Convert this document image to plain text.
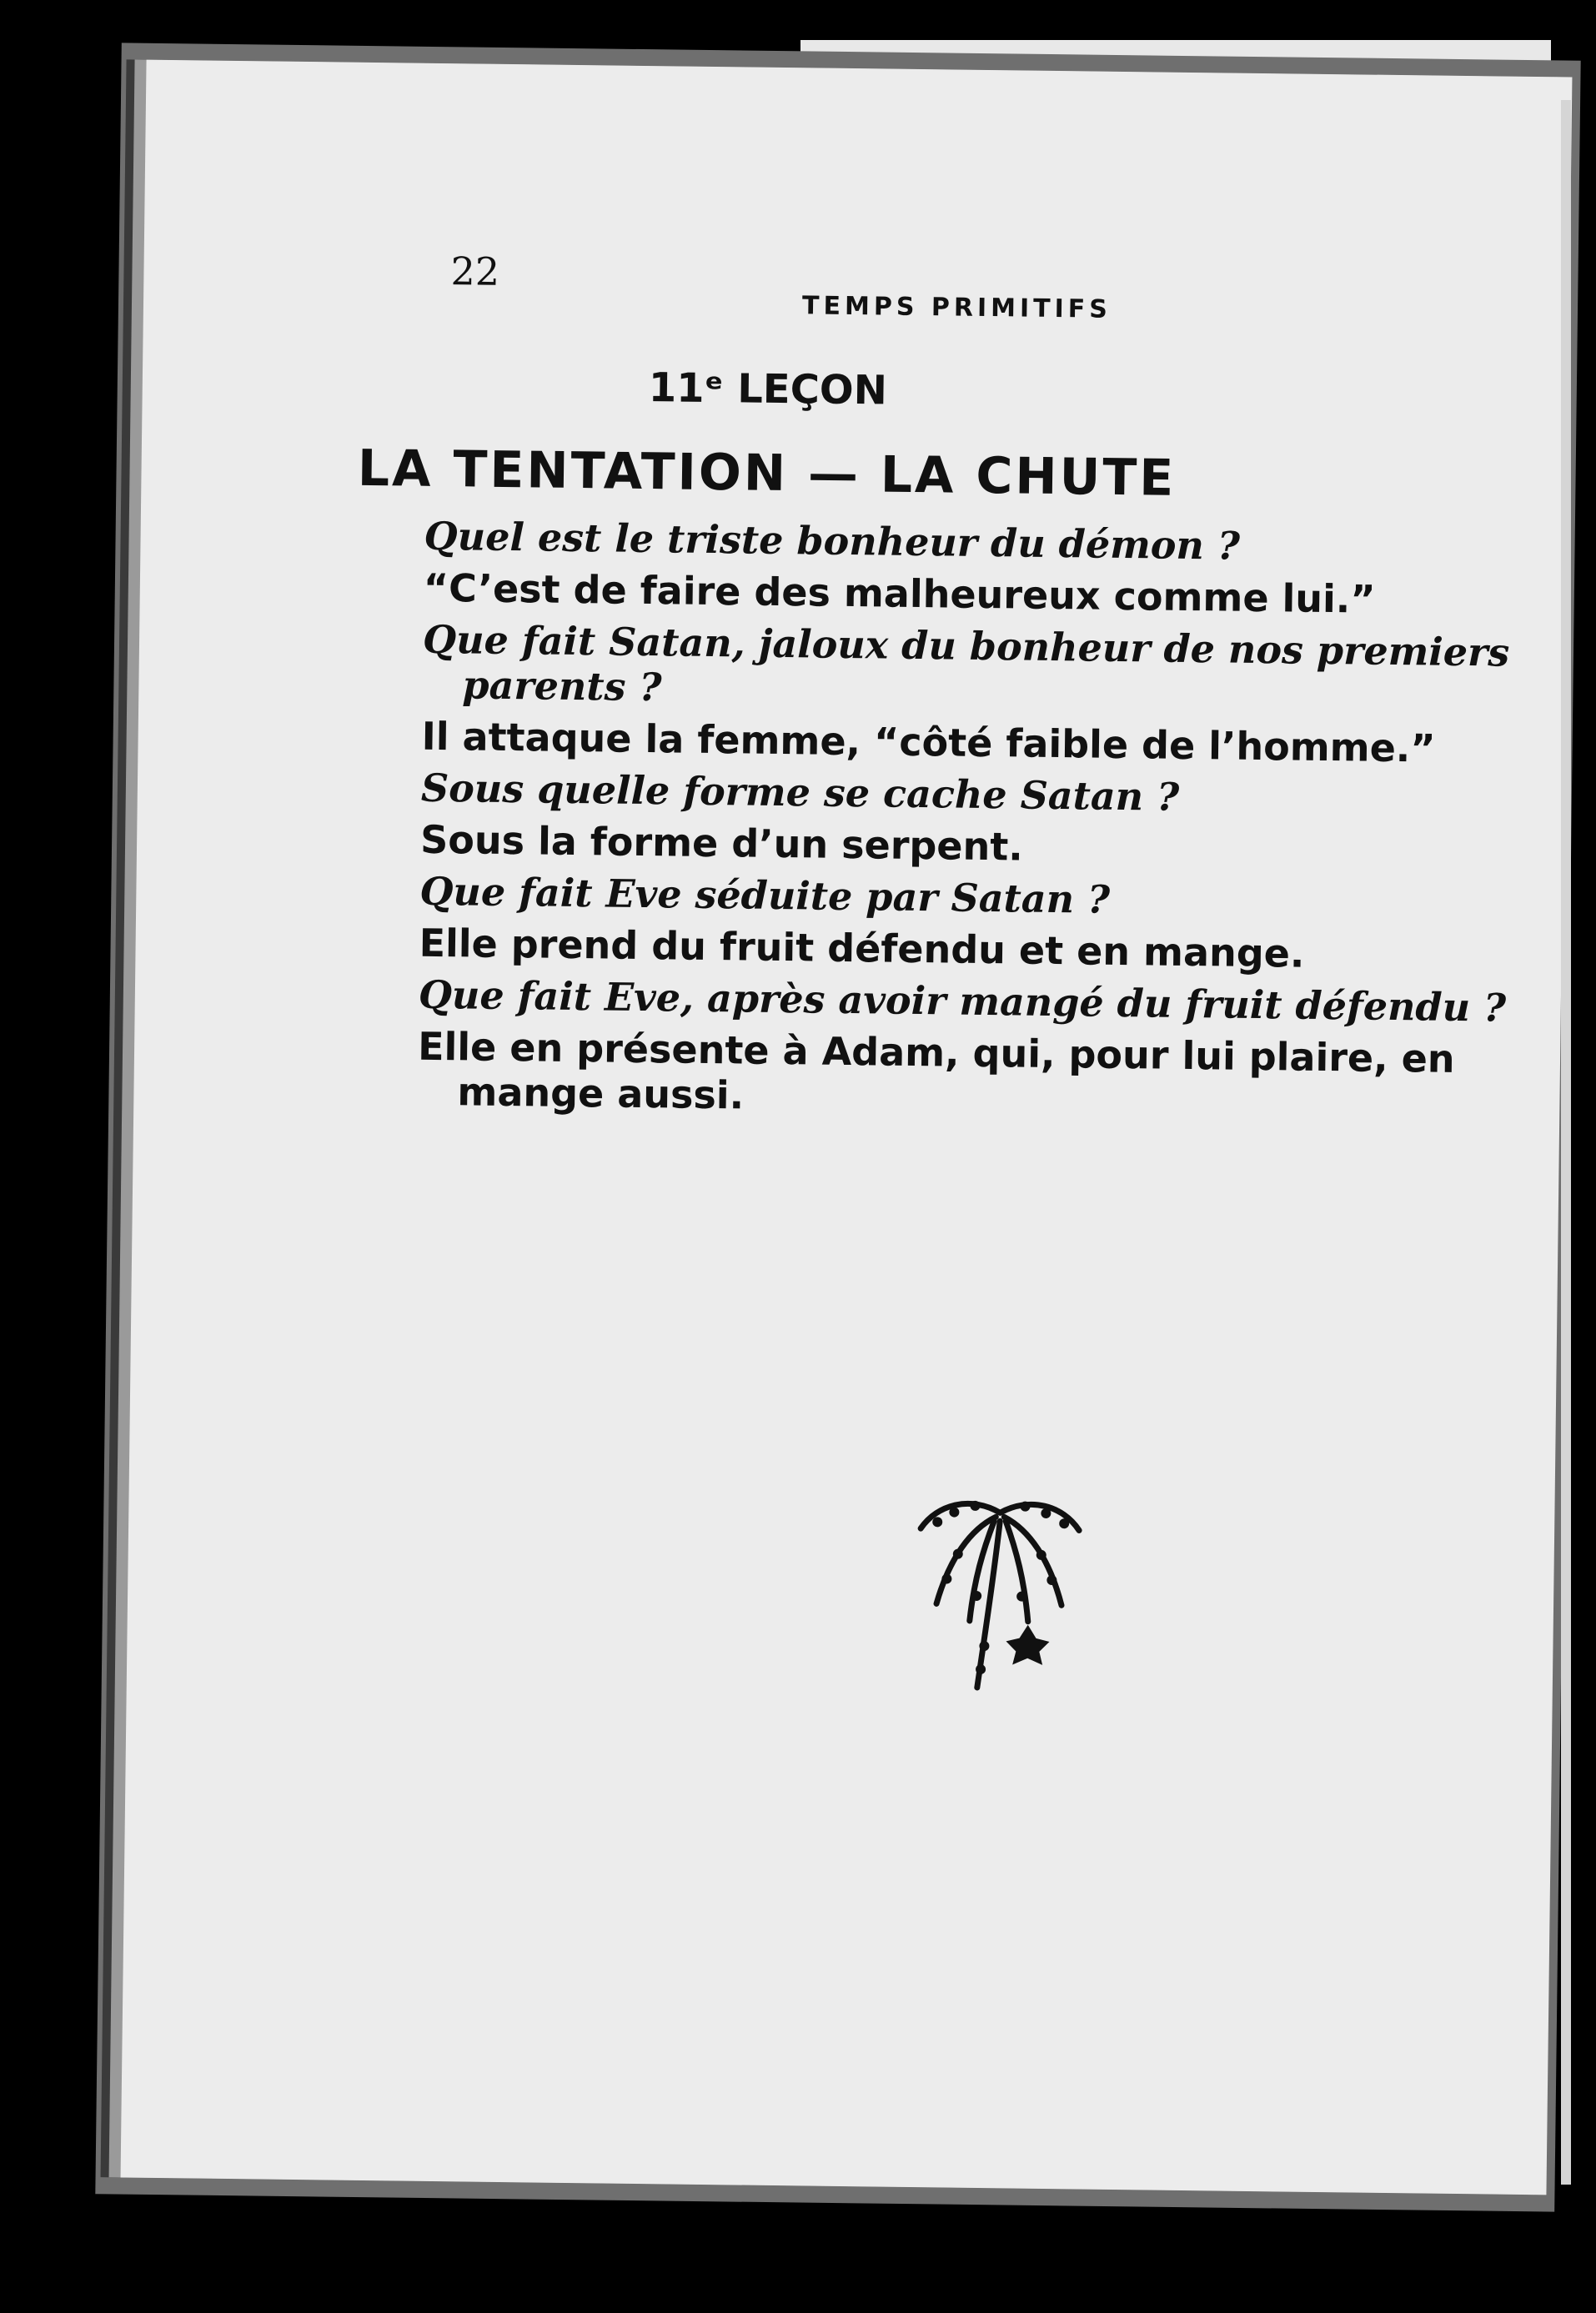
22
TEMPS PRIMITIFS
11ᵉ LEÇON
LA TENTATION — LA CHUTE

Quel est le triste bonheur du démon ?

“C’est de faire des malheureux comme lui.”

Que fait Satan, jaloux du bonheur de nos premiers parents ?

Il attaque la femme, “côté faible de l’homme.”

Sous quelle forme se cache Satan ?

Sous la forme d’un serpent.

Que fait Eve séduite par Satan ?

Elle prend du fruit défendu et en mange.

Que fait Eve, après avoir mangé du fruit défendu ?

Elle en présente à Adam, qui, pour lui plaire, en mange aussi.
